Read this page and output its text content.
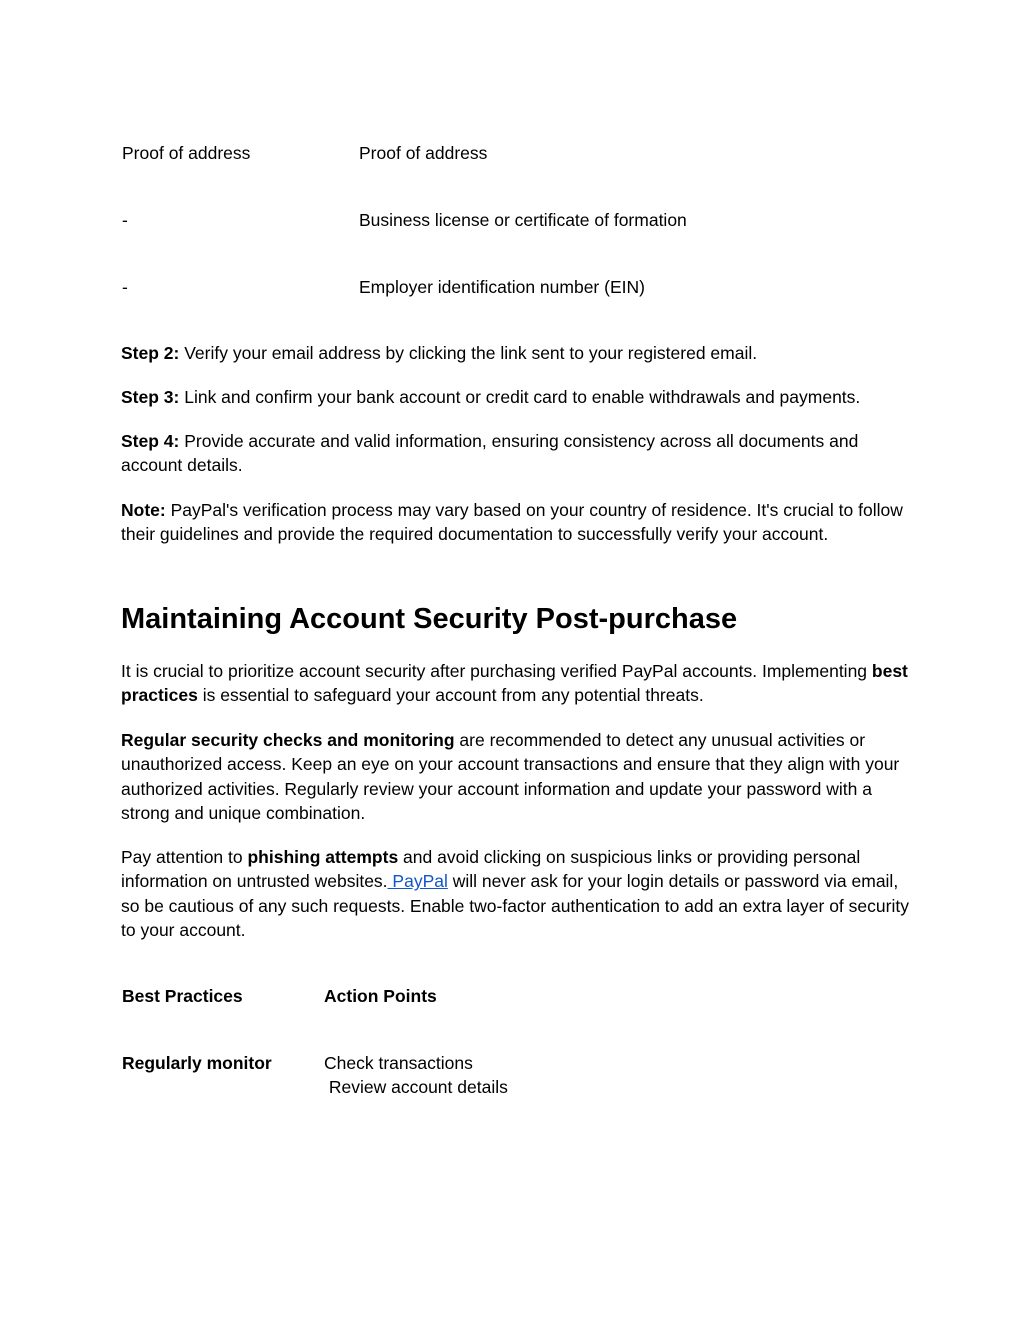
Proof of address	Proof of address
-	Business license or certificate of formation
-	Employer identification number (EIN)

Step 2: Verify your email address by clicking the link sent to your registered email.

Step 3: Link and confirm your bank account or credit card to enable withdrawals and payments.

Step 4: Provide accurate and valid information, ensuring consistency across all documents and account details.

Note: PayPal's verification process may vary based on your country of residence. It's crucial to follow their guidelines and provide the required documentation to successfully verify your account.

Maintaining Account Security Post-purchase

It is crucial to prioritize account security after purchasing verified PayPal accounts. Implementing best practices is essential to safeguard your account from any potential threats.

Regular security checks and monitoring are recommended to detect any unusual activities or unauthorized access. Keep an eye on your account transactions and ensure that they align with your authorized activities. Regularly review your account information and update your password with a strong and unique combination.

Pay attention to phishing attempts and avoid clicking on suspicious links or providing personal information on untrusted websites. PayPal will never ask for your login details or password via email, so be cautious of any such requests. Enable two-factor authentication to add an extra layer of security to your account.

Best Practices	Action Points
Regularly monitor	Check transactions
Review account details
